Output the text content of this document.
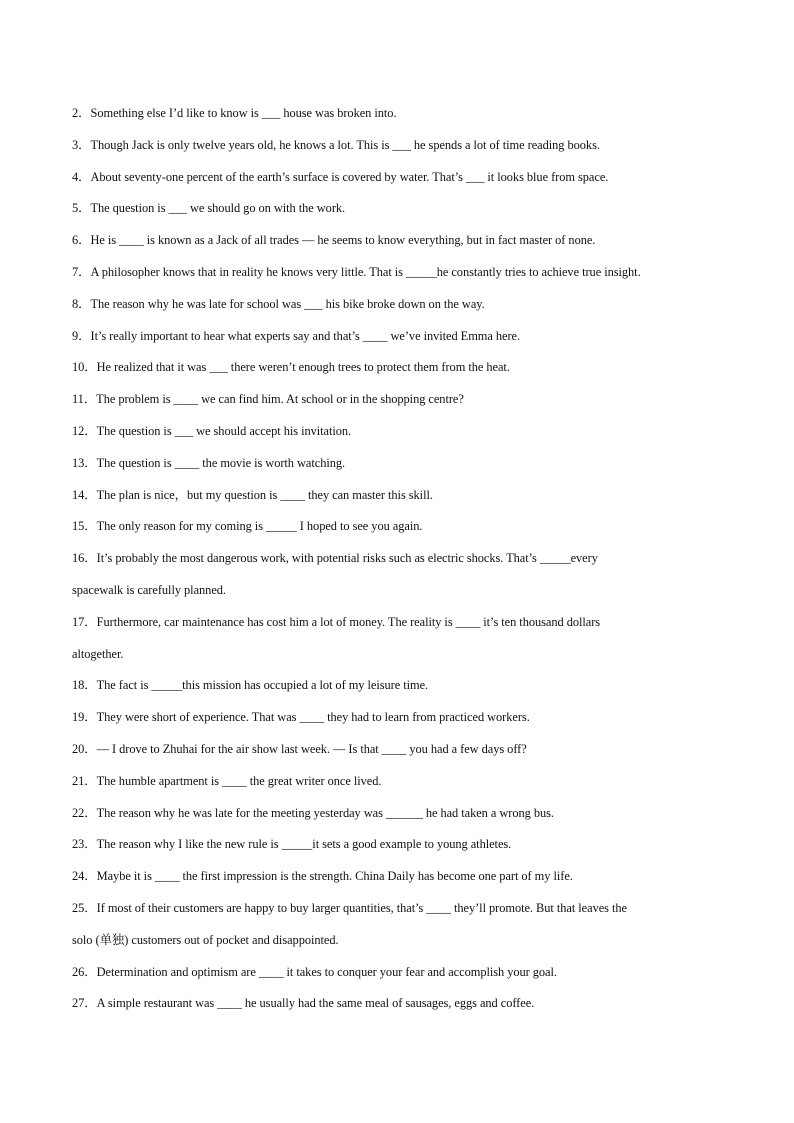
2．Something else I’d like to know is ___ house was broken into.
3．Though Jack is only twelve years old, he knows a lot. This is ___ he spends a lot of time reading books.
4．About seventy-one percent of the earth’s surface is covered by water. That’s ___ it looks blue from space.
5．The question is ___ we should go on with the work.
6．He is ____ is known as a Jack of all trades — he seems to know everything, but in fact master of none.
7．A philosopher knows that in reality he knows very little. That is _____he constantly tries to achieve true insight.
8．The reason why he was late for school was ___ his bike broke down on the way.
9．It’s really important to hear what experts say and that’s ____ we’ve invited Emma here.
10．He realized that it was ___ there weren’t enough trees to protect them from the heat.
11．The problem is ____ we can find him. At school or in the shopping centre?
12．The question is ___ we should accept his invitation.
13．The question is ____ the movie is worth watching.
14．The plan is nice，but my question is ____ they can master this skill.
15．The only reason for my coming is _____ I hoped to see you again.
16．It’s probably the most dangerous work, with potential risks such as electric shocks. That’s _____every
spacewalk is carefully planned.
17．Furthermore, car maintenance has cost him a lot of money. The reality is ____ it’s ten thousand dollars
altogether.
18．The fact is _____this mission has occupied a lot of my leisure time.
19．They were short of experience. That was ____ they had to learn from practiced workers.
20．— I drove to Zhuhai for the air show last week. — Is that ____ you had a few days off?
21．The humble apartment is ____ the great writer once lived.
22．The reason why he was late for the meeting yesterday was ______ he had taken a wrong bus.
23．The reason why I like the new rule is _____it sets a good example to young athletes.
24．Maybe it is ____ the first impression is the strength. China Daily has become one part of my life.
25．If most of their customers are happy to buy larger quantities, that’s ____ they’ll promote. But that leaves the
solo (单独) customers out of pocket and disappointed.
26．Determination and optimism are ____ it takes to conquer your fear and accomplish your goal.
27．A simple restaurant was ____ he usually had the same meal of sausages, eggs and coffee.
